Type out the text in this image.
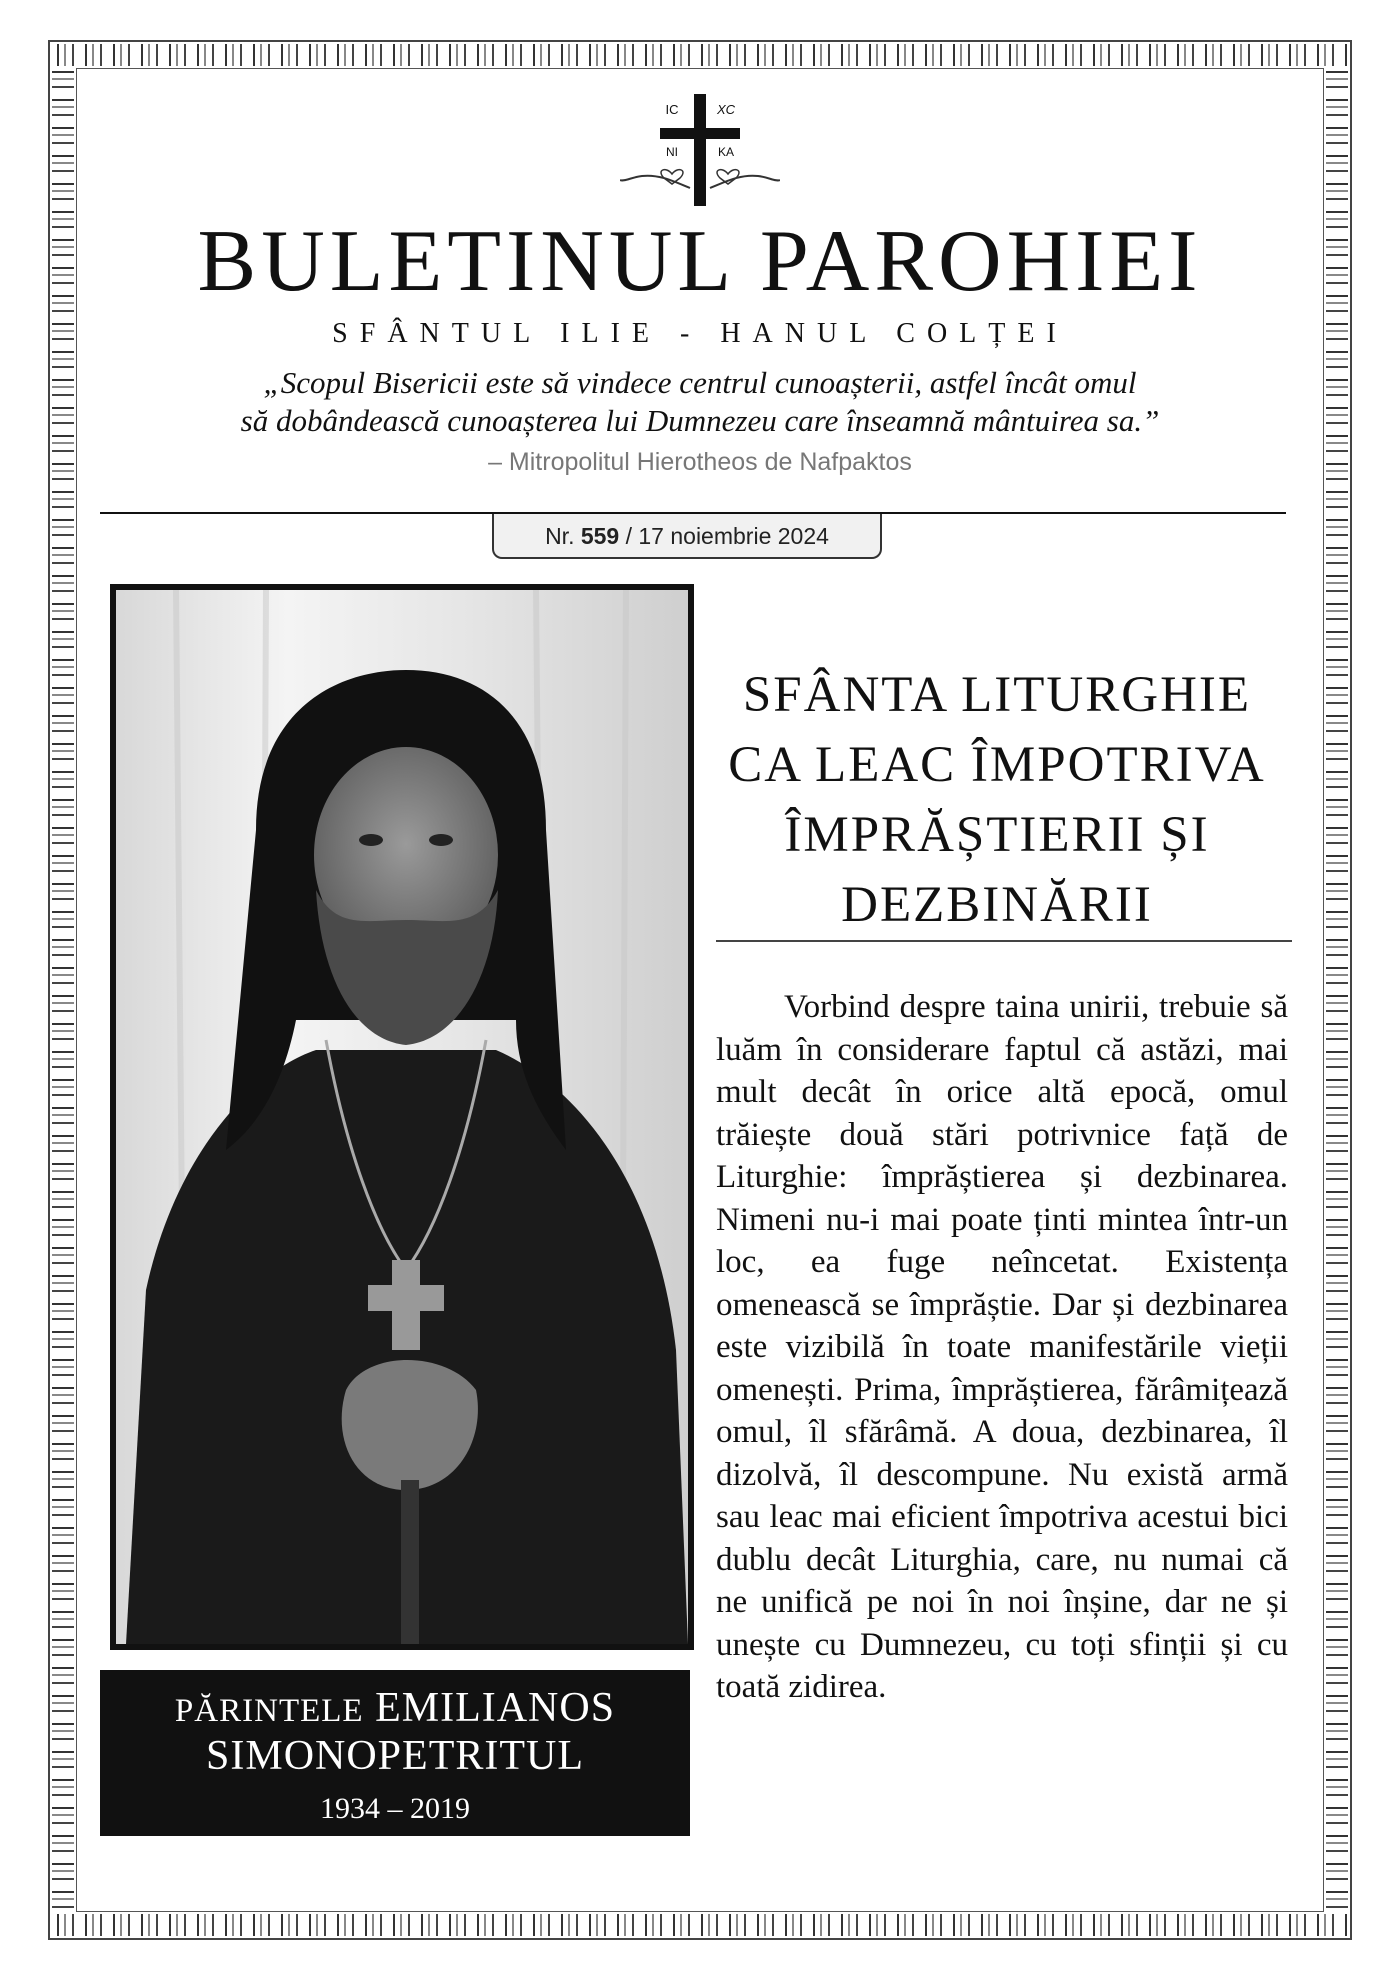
IC	XC
NI	KA
BULETINUL PAROHIEI

SFÂNTUL ILIE - HANUL COLȚEI

„Scopul Bisericii este să vindece centrul cunoașterii, astfel încât omul
să dobândească cunoașterea lui Dumnezeu care înseamnă mântuirea sa.”

– Mitropolitul Hierotheos de Nafpaktos

Nr. 559 / 17 noiembrie 2024
PĂRINTELE EMILIANOS
SIMONOPETRITUL
1934 – 2019
SFÂNTA LITURGHIE
CA LEAC ÎMPOTRIVA
ÎMPRĂȘTIERII ȘI
DEZBINĂRII

Vorbind despre taina unirii, trebuie să luăm în considerare faptul că astăzi, mai mult decât în orice altă epocă, omul trăiește două stări potrivnice față de Liturghie: împrăștierea și dezbinarea. Nimeni nu-i mai poate ținti mintea într-un loc, ea fuge neîncetat. Existența omenească se împrăștie. Dar și dezbinarea este vizibilă în toate manifestările vieții omenești. Prima, împrăștierea, fărâmițează omul, îl sfărâmă. A doua, dezbinarea, îl dizolvă, îl descompune. Nu există armă sau leac mai eficient împotriva acestui bici dublu decât Liturghia, care, nu numai că ne unifică pe noi în noi înșine, dar ne și unește cu Dumnezeu, cu toți sfinții și cu toată zidirea.
